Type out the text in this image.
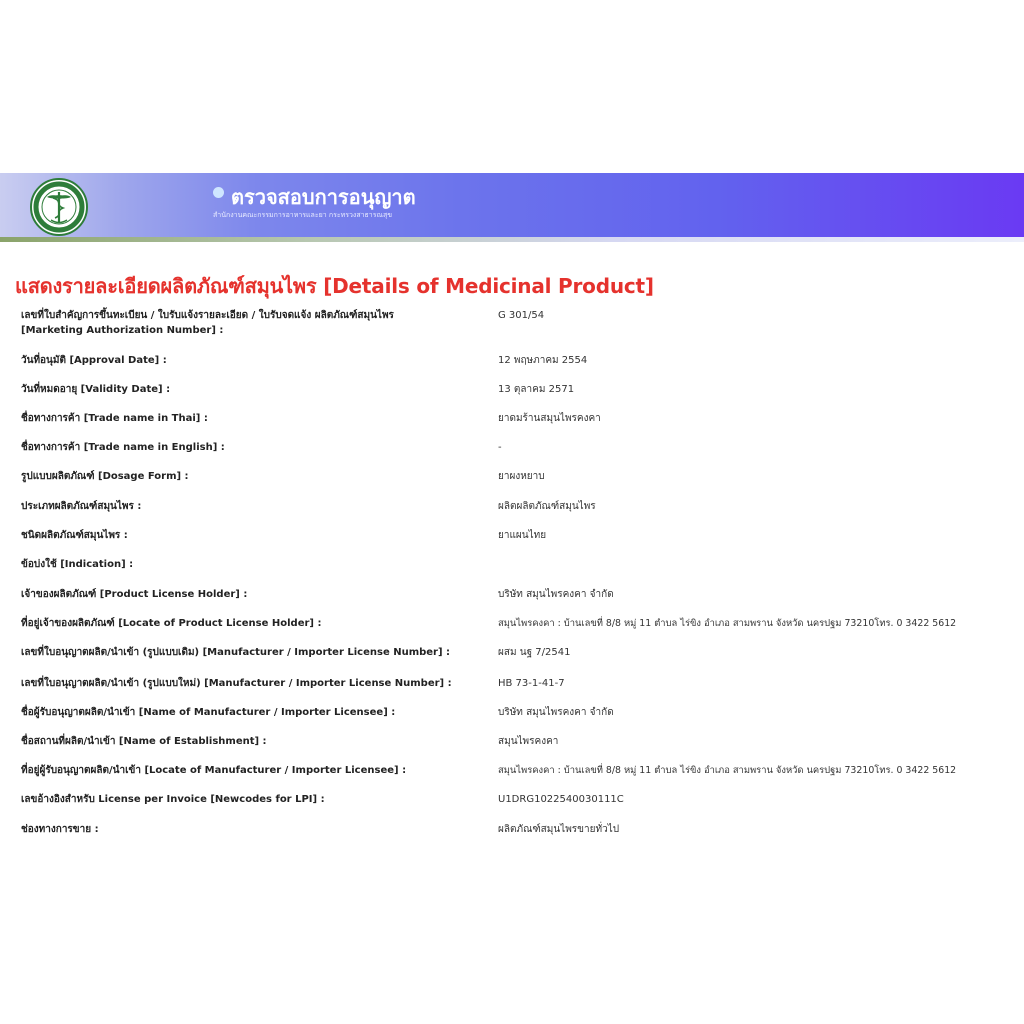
ตรวจสอบการอนุญาต
สำนักงานคณะกรรมการอาหารและยา กระทรวงสาธารณสุข
แสดงรายละเอียดผลิตภัณฑ์สมุนไพร [Details of Medicinal Product]
เลขที่ใบสำคัญการขึ้นทะเบียน / ใบรับแจ้งรายละเอียด / ใบรับจดแจ้ง ผลิตภัณฑ์สมุนไพร
[Marketing Authorization Number] :
G 301/54
วันที่อนุมัติ [Approval Date] :	12 พฤษภาคม 2554
วันที่หมดอายุ [Validity Date] :	13 ตุลาคม 2571
ชื่อทางการค้า [Trade name in Thai] :	ยาดมร้านสมุนไพรคงคา
ชื่อทางการค้า [Trade name in English] :	-
รูปแบบผลิตภัณฑ์ [Dosage Form] :	ยาผงหยาบ
ประเภทผลิตภัณฑ์สมุนไพร :	ผลิตผลิตภัณฑ์สมุนไพร
ชนิดผลิตภัณฑ์สมุนไพร :	ยาแผนไทย
ข้อบ่งใช้ [Indication] :
เจ้าของผลิตภัณฑ์ [Product License Holder] :	บริษัท สมุนไพรคงคา จำกัด
ที่อยู่เจ้าของผลิตภัณฑ์ [Locate of Product License Holder] :	สมุนไพรคงคา : บ้านเลขที่ 8/8 หมู่ 11 ตำบล ไร่ขิง อำเภอ สามพราน จังหวัด นครปฐม 73210โทร. 0 3422 5612
เลขที่ใบอนุญาตผลิต/นำเข้า (รูปแบบเดิม) [Manufacturer / Importer License Number] :	ผสม นฐ 7/2541
เลขที่ใบอนุญาตผลิต/นำเข้า (รูปแบบใหม่) [Manufacturer / Importer License Number] :	HB 73-1-41-7
ชื่อผู้รับอนุญาตผลิต/นำเข้า [Name of Manufacturer / Importer Licensee] :	บริษัท สมุนไพรคงคา จำกัด
ชื่อสถานที่ผลิต/นำเข้า [Name of Establishment] :	สมุนไพรคงคา
ที่อยู่ผู้รับอนุญาตผลิต/นำเข้า [Locate of Manufacturer / Importer Licensee] :	สมุนไพรคงคา : บ้านเลขที่ 8/8 หมู่ 11 ตำบล ไร่ขิง อำเภอ สามพราน จังหวัด นครปฐม 73210โทร. 0 3422 5612
เลขอ้างอิงสำหรับ License per Invoice [Newcodes for LPI] :	U1DRG1022540030111C
ช่องทางการขาย :	ผลิตภัณฑ์สมุนไพรขายทั่วไป
